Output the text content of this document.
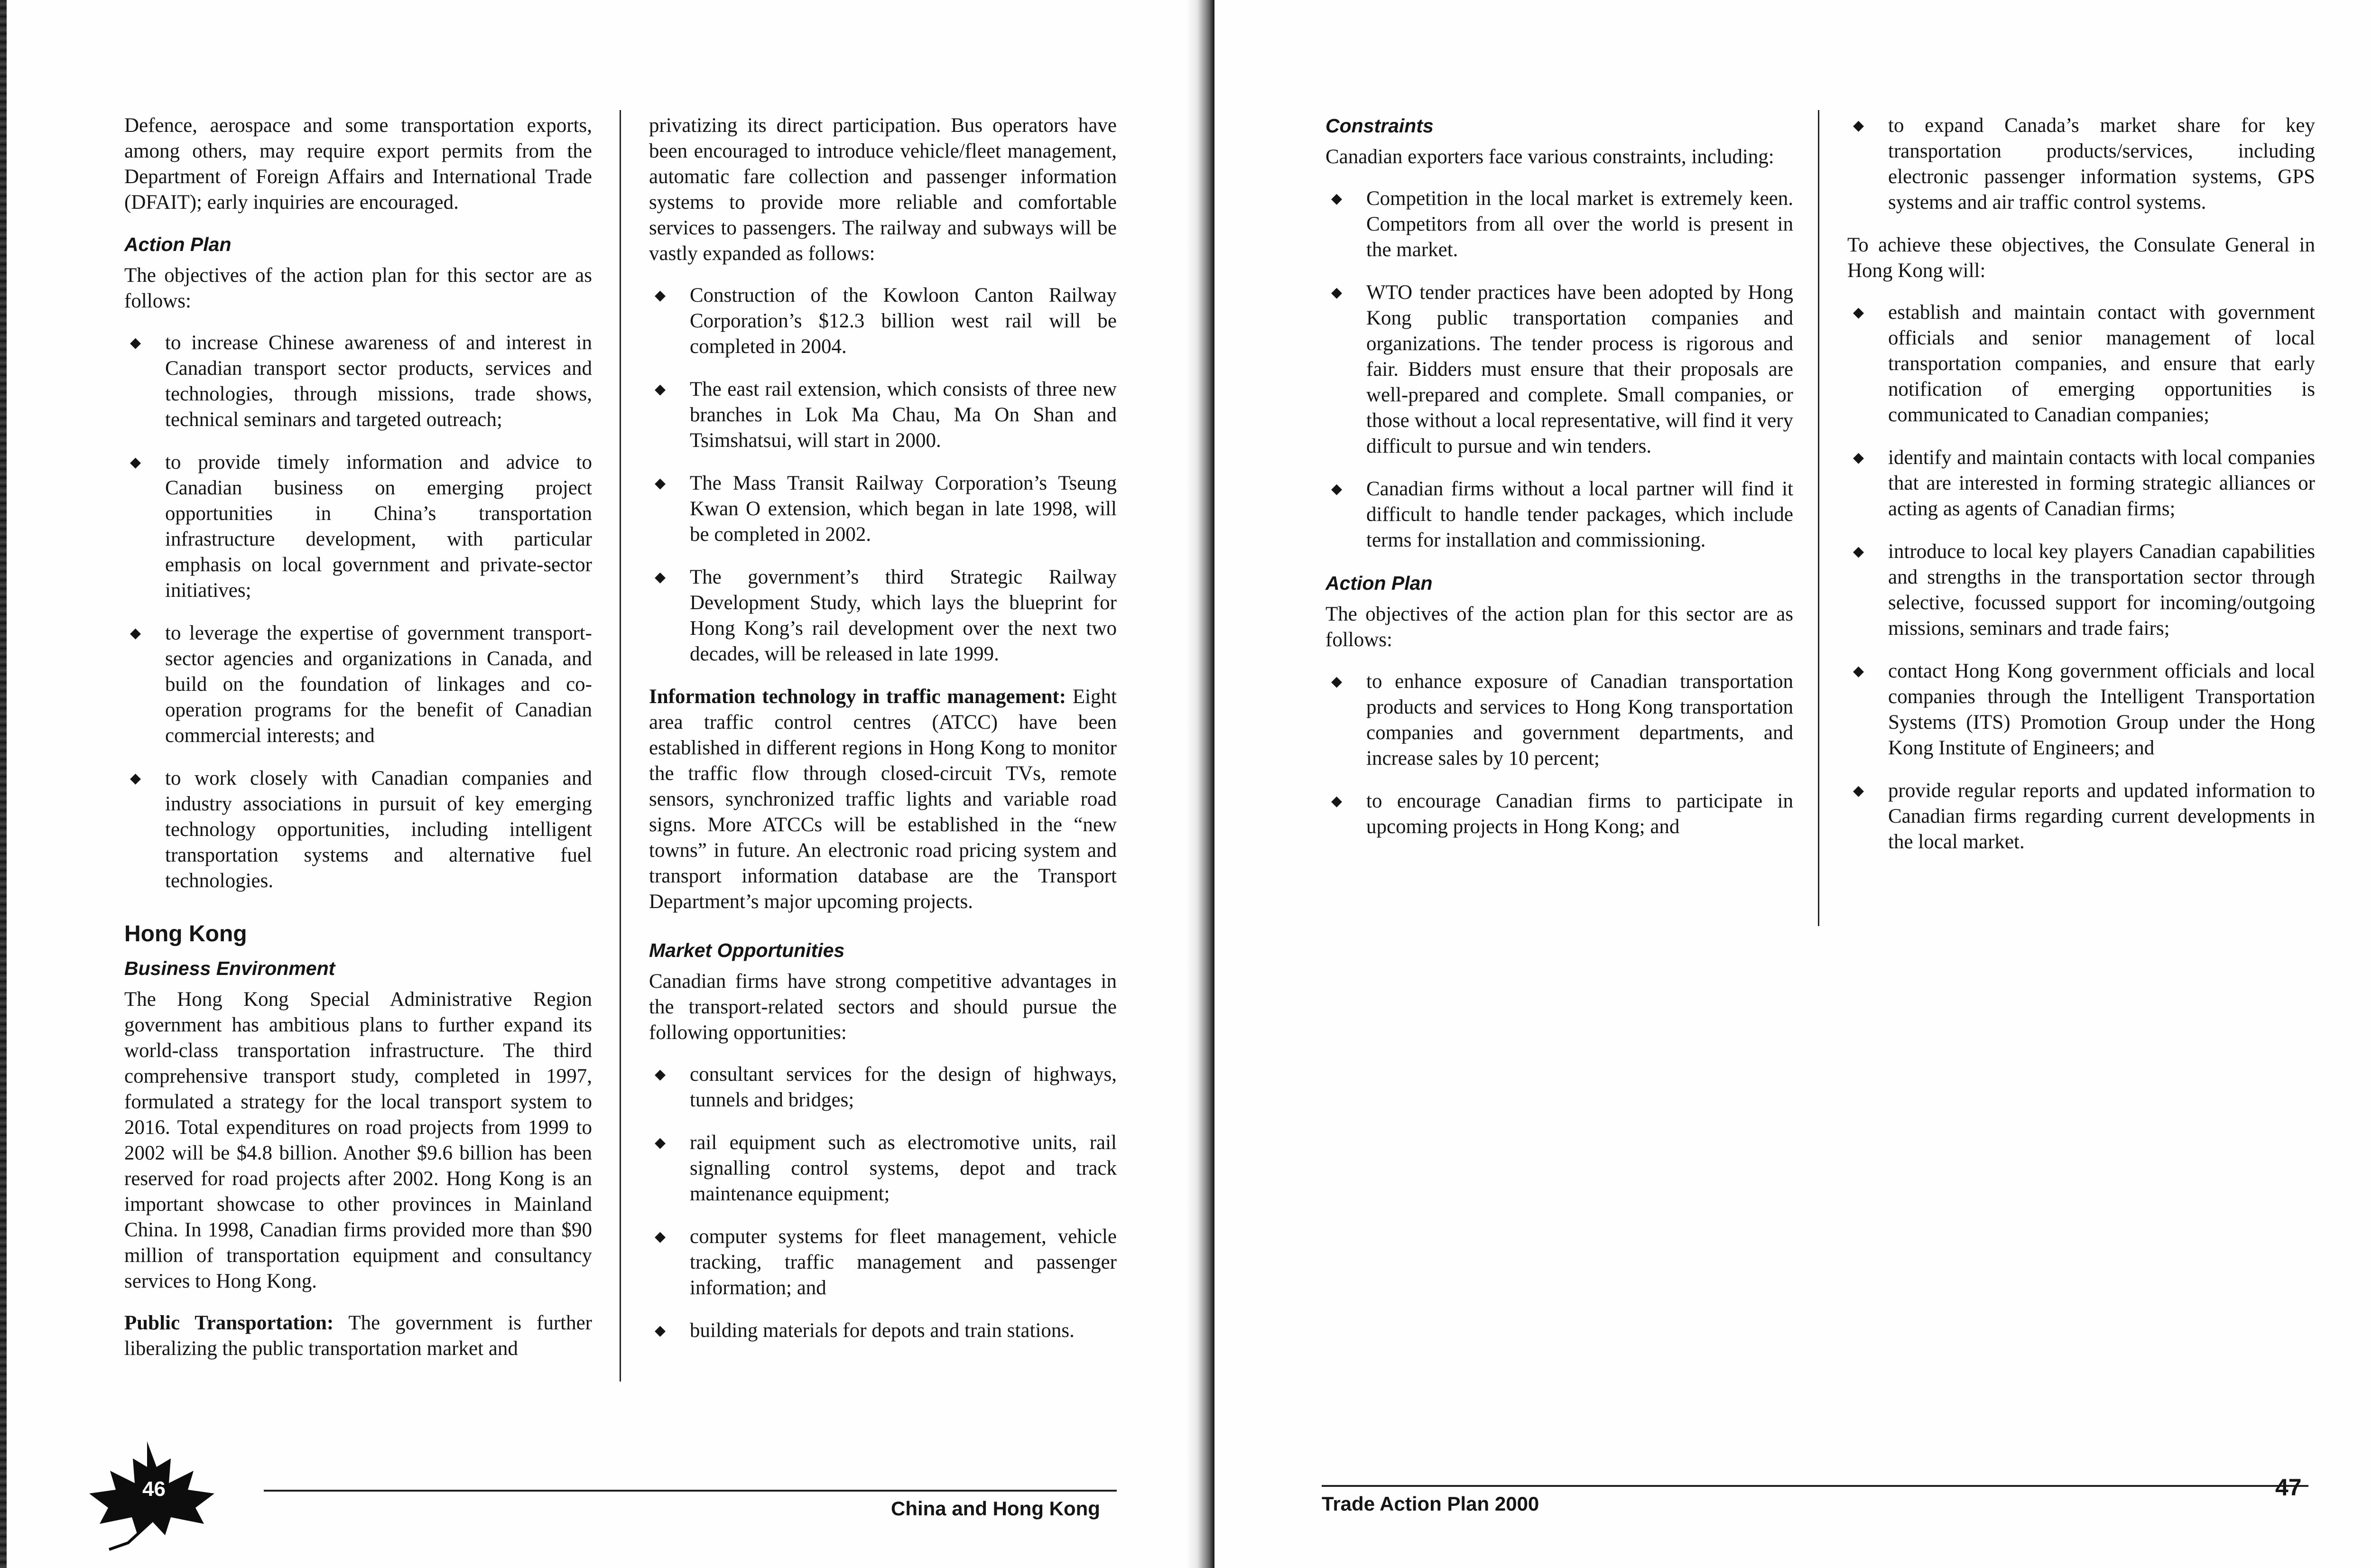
Defence, aerospace and some transportation exports, among others, may require export permits from the Department of Foreign Affairs and International Trade (DFAIT); early inquiries are encouraged.

Action Plan

The objectives of the action plan for this sector are as follows:

◆ to increase Chinese awareness of and interest in Canadian transport sector products, services and technologies, through missions, trade shows, technical seminars and targeted outreach;
◆ to provide timely information and advice to Canadian business on emerging project opportunities in China’s transportation infrastructure development, with particular emphasis on local government and private-sector initiatives;
◆ to leverage the expertise of government transport-sector agencies and organizations in Canada, and build on the foundation of linkages and co-operation programs for the benefit of Canadian commercial interests; and
◆ to work closely with Canadian companies and industry associations in pursuit of key emerging technology opportunities, including intelligent transportation systems and alternative fuel technologies.
Hong Kong
Business Environment

The Hong Kong Special Administrative Region government has ambitious plans to further expand its world-class transportation infrastructure. The third comprehensive transport study, completed in 1997, formulated a strategy for the local transport system to 2016. Total expenditures on road projects from 1999 to 2002 will be $4.8 billion. Another $9.6 billion has been reserved for road projects after 2002. Hong Kong is an important showcase to other provinces in Mainland China. In 1998, Canadian firms provided more than $90 million of transportation equipment and consultancy services to Hong Kong.

Public Transportation: The government is further liberalizing the public transportation market and

privatizing its direct participation. Bus operators have been encouraged to introduce vehicle/fleet management, automatic fare collection and passenger information systems to provide more reliable and comfortable services to passengers. The railway and subways will be vastly expanded as follows:

◆ Construction of the Kowloon Canton Railway Corporation’s $12.3 billion west rail will be completed in 2004.
◆ The east rail extension, which consists of three new branches in Lok Ma Chau, Ma On Shan and Tsimshatsui, will start in 2000.
◆ The Mass Transit Railway Corporation’s Tseung Kwan O extension, which began in late 1998, will be completed in 2002.
◆ The government’s third Strategic Railway Development Study, which lays the blueprint for Hong Kong’s rail development over the next two decades, will be released in late 1999.

Information technology in traffic management: Eight area traffic control centres (ATCC) have been established in different regions in Hong Kong to monitor the traffic flow through closed-circuit TVs, remote sensors, synchronized traffic lights and variable road signs. More ATCCs will be established in the “new towns” in future. An electronic road pricing system and transport information database are the Transport Department’s major upcoming projects.

Market Opportunities

Canadian firms have strong competitive advantages in the transport-related sectors and should pursue the following opportunities:

◆ consultant services for the design of highways, tunnels and bridges;
◆ rail equipment such as electromotive units, rail signalling control systems, depot and track maintenance equipment;
◆ computer systems for fleet management, vehicle tracking, traffic management and passenger information; and
◆ building materials for depots and train stations.
46
China and Hong Kong
Constraints

Canadian exporters face various constraints, including:

◆ Competition in the local market is extremely keen. Competitors from all over the world is present in the market.
◆ WTO tender practices have been adopted by Hong Kong public transportation companies and organizations. The tender process is rigorous and fair. Bidders must ensure that their proposals are well-prepared and complete. Small companies, or those without a local representative, will find it very difficult to pursue and win tenders.
◆ Canadian firms without a local partner will find it difficult to handle tender packages, which include terms for installation and commissioning.
Action Plan

The objectives of the action plan for this sector are as follows:

◆ to enhance exposure of Canadian transportation products and services to Hong Kong transportation companies and government departments, and increase sales by 10 percent;
◆ to encourage Canadian firms to participate in upcoming projects in Hong Kong; and
◆ to expand Canada’s market share for key transportation products/services, including electronic passenger information systems, GPS systems and air traffic control systems.

To achieve these objectives, the Consulate General in Hong Kong will:

◆ establish and maintain contact with government officials and senior management of local transportation companies, and ensure that early notification of emerging opportunities is communicated to Canadian companies;
◆ identify and maintain contacts with local companies that are interested in forming strategic alliances or acting as agents of Canadian firms;
◆ introduce to local key players Canadian capabilities and strengths in the transportation sector through selective, focussed support for incoming/outgoing missions, seminars and trade fairs;
◆ contact Hong Kong government officials and local companies through the Intelligent Transportation Systems (ITS) Promotion Group under the Hong Kong Institute of Engineers; and
◆ provide regular reports and updated information to Canadian firms regarding current developments in the local market.
Trade Action Plan 2000
47
